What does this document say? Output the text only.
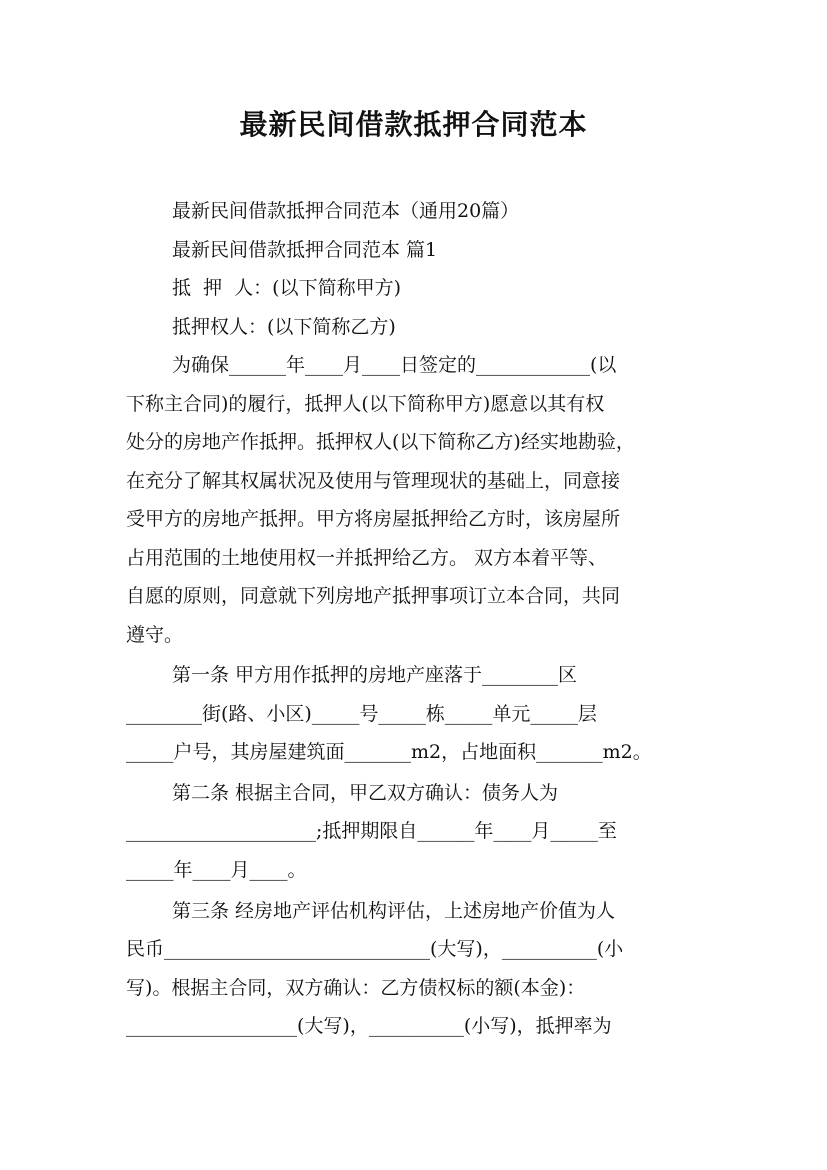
最新民间借款抵押合同范本
最新民间借款抵押合同范本（通用20篇）
最新民间借款抵押合同范本 篇1
抵  押  人：(以下简称甲方)
抵押权人：(以下简称乙方)
为确保______年____月____日签定的____________(以
下称主合同)的履行，抵押人(以下简称甲方)愿意以其有权
处分的房地产作抵押。抵押权人(以下简称乙方)经实地勘验，
在充分了解其权属状况及使用与管理现状的基础上，同意接
受甲方的房地产抵押。甲方将房屋抵押给乙方时，该房屋所
占用范围的土地使用权一并抵押给乙方。 双方本着平等、
自愿的原则，同意就下列房地产抵押事项订立本合同，共同
遵守。
第一条 甲方用作抵押的房地产座落于________区
________街(路、小区)_____号_____栋_____单元_____层
_____户号，其房屋建筑面_______m2，占地面积_______m2。
第二条 根据主合同，甲乙双方确认：债务人为
____________________;抵押期限自______年____月_____至
_____年____月____。
第三条 经房地产评估机构评估，上述房地产价值为人
民币____________________________(大写)，__________(小
写)。根据主合同，双方确认：乙方债权标的额(本金)：
__________________(大写)，__________(小写)，抵押率为
